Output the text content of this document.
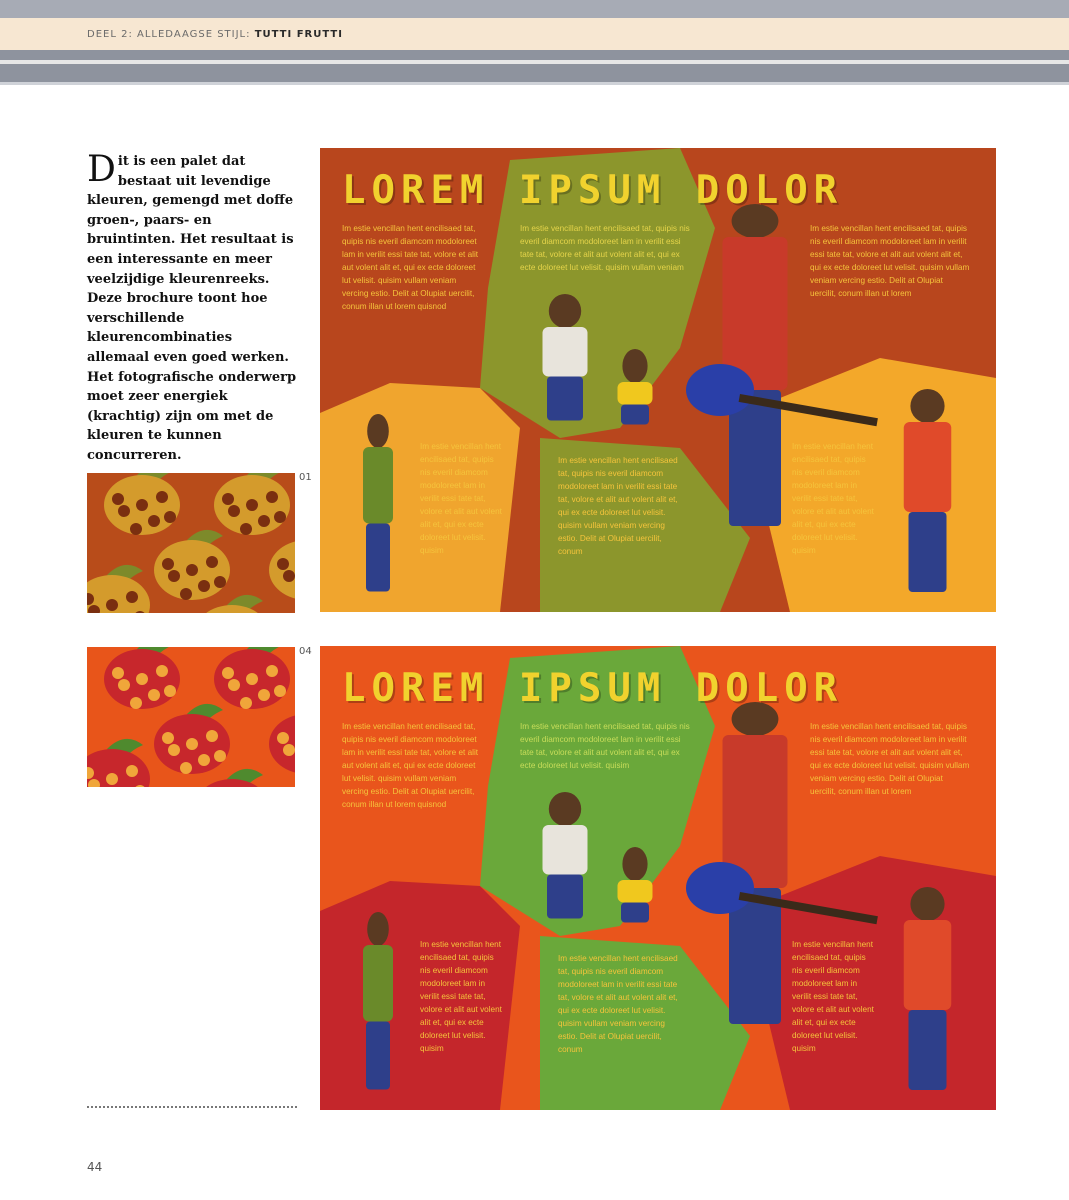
DEEL 2: ALLEDAAGSE STIJL: TUTTI FRUTTI
Dit is een palet dat bestaat uit levendige kleuren, gemengd met doffe groen-, paars- en bruintinten. Het resultaat is een interessante en meer veelzijdige kleurenreeks. Deze brochure toont hoe verschillende kleurencombinaties allemaal even goed werken. Het fotografische onderwerp moet zeer energiek (krachtig) zijn om met de kleuren te kunnen concurreren.
01
04
LOREM IPSUM DOLOR
Im estie vencillan hent encilisaed tat, quipis nis everil diamcom modoloreet lam in verilit essi tate tat, volore et alit aut volent alit et, qui ex ecte doloreet lut velisit. quisim vullam veniam vercing estio. Delit at Olupiat uercilit, conum illan ut lorem quisnod
Im estie vencillan hent encilisaed tat, quipis nis everil diamcom modoloreet lam in verilit essi tate tat, volore et alit aut volent alit et, qui ex ecte doloreet lut velisit. quisim vullam veniam
Im estie vencillan hent encilisaed tat, quipis nis everil diamcom modoloreet lam in verilit essi tate tat, volore et alit aut volent alit et, qui ex ecte doloreet lut velisit. quisim vullam veniam vercing estio. Delit at Olupiat uercilit, conum illan ut lorem
Im estie vencillan hent encilisaed tat, quipis nis everil diamcom modoloreet lam in verilit essi tate tat, volore et alit aut volent alit et, qui ex ecte doloreet lut velisit. quisim
Im estie vencillan hent encilisaed tat, quipis nis everil diamcom modoloreet lam in verilit essi tate tat, volore et alit aut volent alit et, qui ex ecte doloreet lut velisit. quisim vullam veniam vercing estio. Delit at Olupiat uercilit, conum
Im estie vencillan hent encilisaed tat, quipis nis everil diamcom modoloreet lam in verilit essi tate tat, volore et alit aut volent alit et, qui ex ecte doloreet lut velisit. quisim
LOREM IPSUM DOLOR
Im estie vencillan hent encilisaed tat, quipis nis everil diamcom modoloreet lam in verilit essi tate tat, volore et alit aut volent alit et, qui ex ecte doloreet lut velisit. quisim vullam veniam vercing estio. Delit at Olupiat uercilit, conum illan ut lorem quisnod
Im estie vencillan hent encilisaed tat, quipis nis everil diamcom modoloreet lam in verilit essi tate tat, volore et alit aut volent alit et, qui ex ecte doloreet lut velisit. quisim
Im estie vencillan hent encilisaed tat, quipis nis everil diamcom modoloreet lam in verilit essi tate tat, volore et alit aut volent alit et, qui ex ecte doloreet lut velisit. quisim vullam veniam vercing estio. Delit at Olupiat uercilit, conum illan ut lorem
Im estie vencillan hent encilisaed tat, quipis nis everil diamcom modoloreet lam in verilit essi tate tat, volore et alit aut volent alit et, qui ex ecte doloreet lut velisit. quisim
Im estie vencillan hent encilisaed tat, quipis nis everil diamcom modoloreet lam in verilit essi tate tat, volore et alit aut volent alit et, qui ex ecte doloreet lut velisit. quisim vullam veniam vercing estio. Delit at Olupiat uercilit, conum
Im estie vencillan hent encilisaed tat, quipis nis everil diamcom modoloreet lam in verilit essi tate tat, volore et alit aut volent alit et, qui ex ecte doloreet lut velisit. quisim
44
